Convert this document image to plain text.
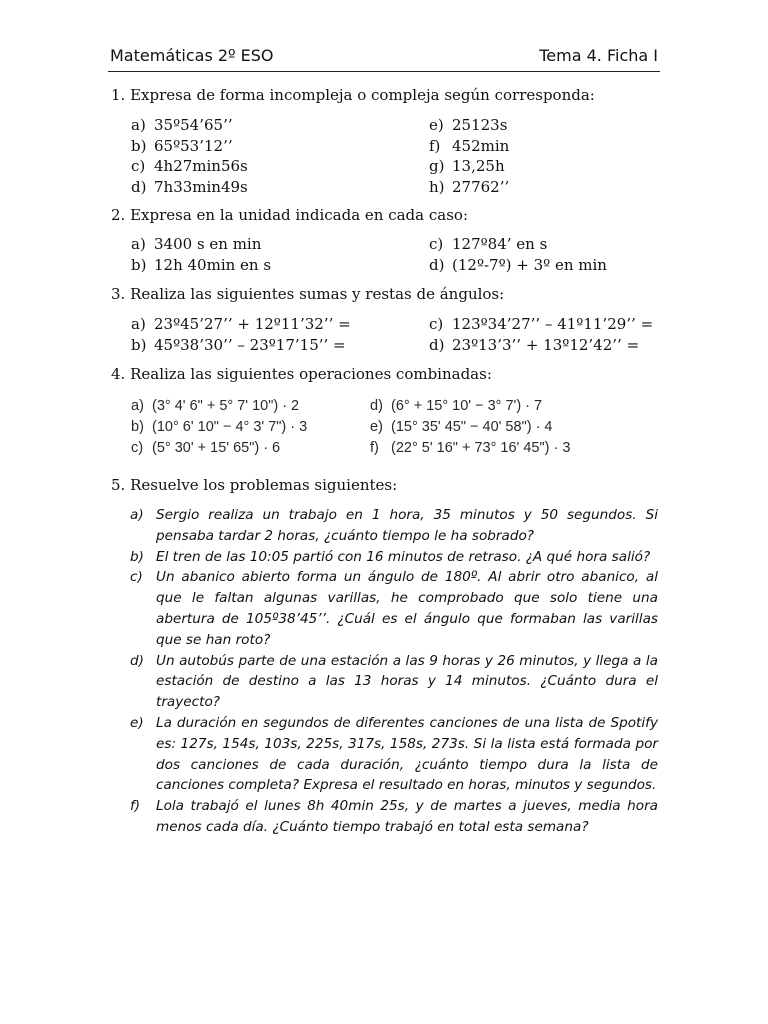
Matemáticas 2º ESO	Tema 4. Ficha I
1. Expresa de forma incompleja o compleja según corresponda:
a) 35º54’65’’
b) 65º53’12’’
c) 4h27min56s
d) 7h33min49s
e) 25123s
f) 452min
g) 13,25h
h) 27762’’
2. Expresa en la unidad indicada en cada caso:
a) 3400 s en min
b) 12h 40min en s
c) 127º84’ en s
d) (12º-7º) + 3º en min
3. Realiza las siguientes sumas y restas de ángulos:
a) 23º45’27’’ + 12º11’32’’ =
b) 45º38’30’’ – 23º17’15’’ =
c) 123º34’27’’ – 41º11’29’’ =
d) 23º13’3’’ + 13º12’42’’ =
4. Realiza las siguientes operaciones combinadas:
a) (3° 4' 6" + 5° 7' 10") · 2
b) (10° 6' 10" − 4° 3' 7") · 3
c) (5° 30' + 15' 65") · 6
d) (6° + 15° 10' − 3° 7') · 7
e) (15° 35' 45" − 40' 58") · 4
f) (22° 5' 16" + 73° 16' 45") · 3
5. Resuelve los problemas siguientes:
a) Sergio realiza un trabajo en 1 hora, 35 minutos y 50 segundos. Si pensaba tardar 2 horas, ¿cuánto tiempo le ha sobrado?
b) El tren de las 10:05 partió con 16 minutos de retraso. ¿A qué hora salió?
c) Un abanico abierto forma un ángulo de 180º. Al abrir otro abanico, al que le faltan algunas varillas, he comprobado que solo tiene una abertura de 105º38’45’’. ¿Cuál es el ángulo que formaban las varillas que se han roto?
d) Un autobús parte de una estación a las 9 horas y 26 minutos, y llega a la estación de destino a las 13 horas y 14 minutos. ¿Cuánto dura el trayecto?
e) La duración en segundos de diferentes canciones de una lista de Spotify es: 127s, 154s, 103s, 225s, 317s, 158s, 273s. Si la lista está formada por dos canciones de cada duración, ¿cuánto tiempo dura la lista de canciones completa? Expresa el resultado en horas, minutos y segundos.
f) Lola trabajó el lunes 8h 40min 25s, y de martes a jueves, media hora menos cada día. ¿Cuánto tiempo trabajó en total esta semana?
